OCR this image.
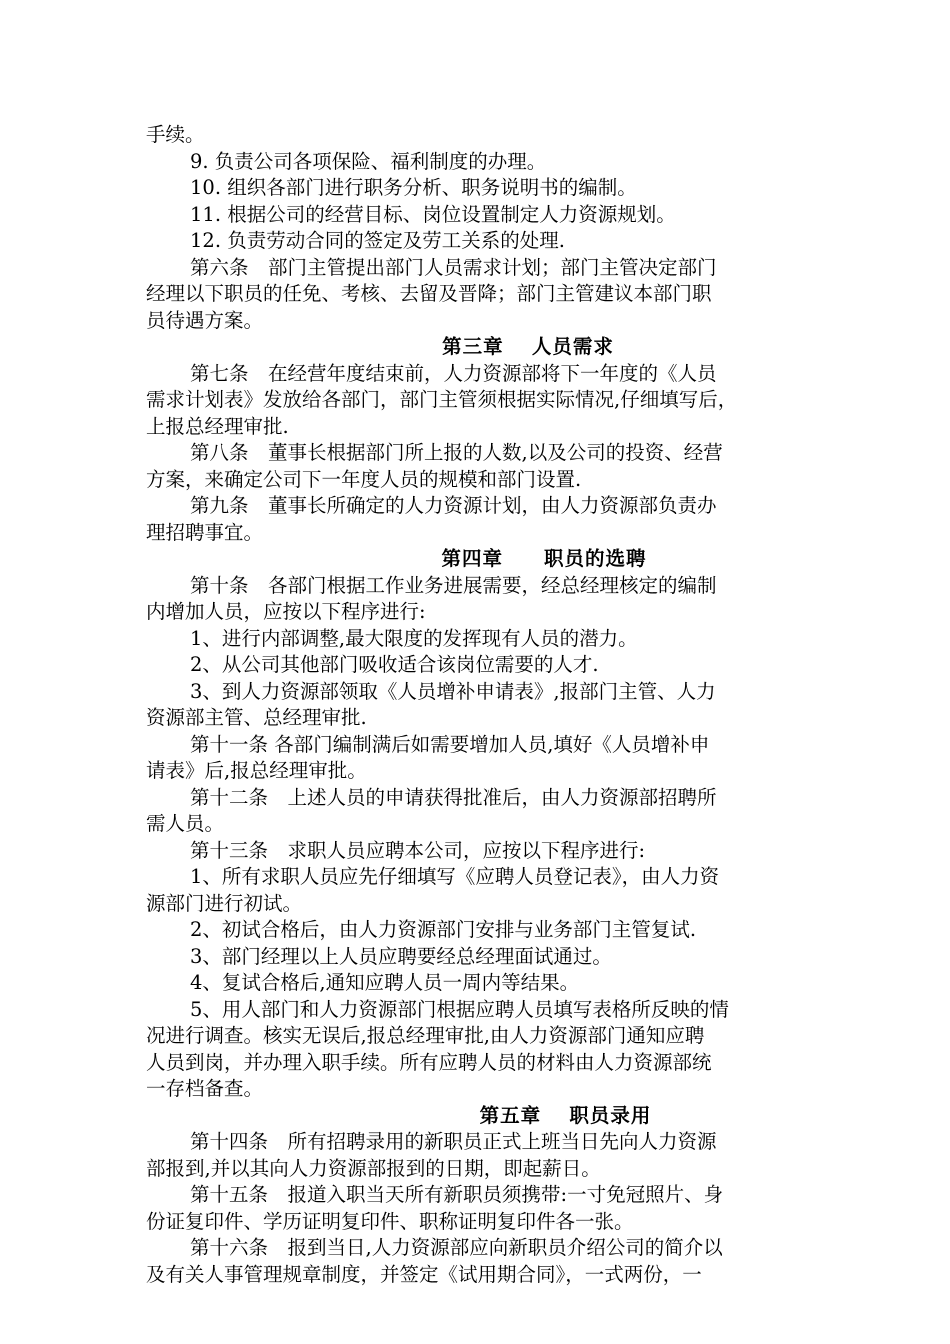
手续。
9. 负责公司各项保险、福利制度的办理。
10. 组织各部门进行职务分析、职务说明书的编制。
11. 根据公司的经营目标、岗位设置制定人力资源规划。
12. 负责劳动合同的签定及劳工关系的处理.
第六条　部门主管提出部门人员需求计划；部门主管决定部门
经理以下职员的任免、考核、去留及晋降；部门主管建议本部门职
员待遇方案。
第三章　 人员需求
第七条　在经营年度结束前，人力资源部将下一年度的《人员
需求计划表》发放给各部门，部门主管须根据实际情况,仔细填写后，
上报总经理审批.
第八条　董事长根据部门所上报的人数,以及公司的投资、经营
方案，来确定公司下一年度人员的规模和部门设置.
第九条　董事长所确定的人力资源计划，由人力资源部负责办
理招聘事宜。
第四章　　职员的选聘
第十条　各部门根据工作业务进展需要，经总经理核定的编制
内增加人员，应按以下程序进行:
1、进行内部调整,最大限度的发挥现有人员的潜力。
2、从公司其他部门吸收适合该岗位需要的人才.
3、到人力资源部领取《人员增补申请表》,报部门主管、人力
资源部主管、总经理审批.
第十一条 各部门编制满后如需要增加人员,填好《人员增补申
请表》后,报总经理审批。
第十二条　上述人员的申请获得批准后，由人力资源部招聘所
需人员。
第十三条　求职人员应聘本公司，应按以下程序进行:
1、所有求职人员应先仔细填写《应聘人员登记表》，由人力资
源部门进行初试。
2、初试合格后，由人力资源部门安排与业务部门主管复试.
3、部门经理以上人员应聘要经总经理面试通过。
4、复试合格后,通知应聘人员一周内等结果。
5、用人部门和人力资源部门根据应聘人员填写表格所反映的情
况进行调查。核实无误后,报总经理审批,由人力资源部门通知应聘
人员到岗，并办理入职手续。所有应聘人员的材料由人力资源部统
一存档备查。
第五章　 职员录用
第十四条　所有招聘录用的新职员正式上班当日先向人力资源
部报到,并以其向人力资源部报到的日期，即起薪日。
第十五条　报道入职当天所有新职员须携带:一寸免冠照片、身
份证复印件、学历证明复印件、职称证明复印件各一张。
第十六条　报到当日,人力资源部应向新职员介绍公司的简介以
及有关人事管理规章制度，并签定《试用期合同》，一式两份，一
